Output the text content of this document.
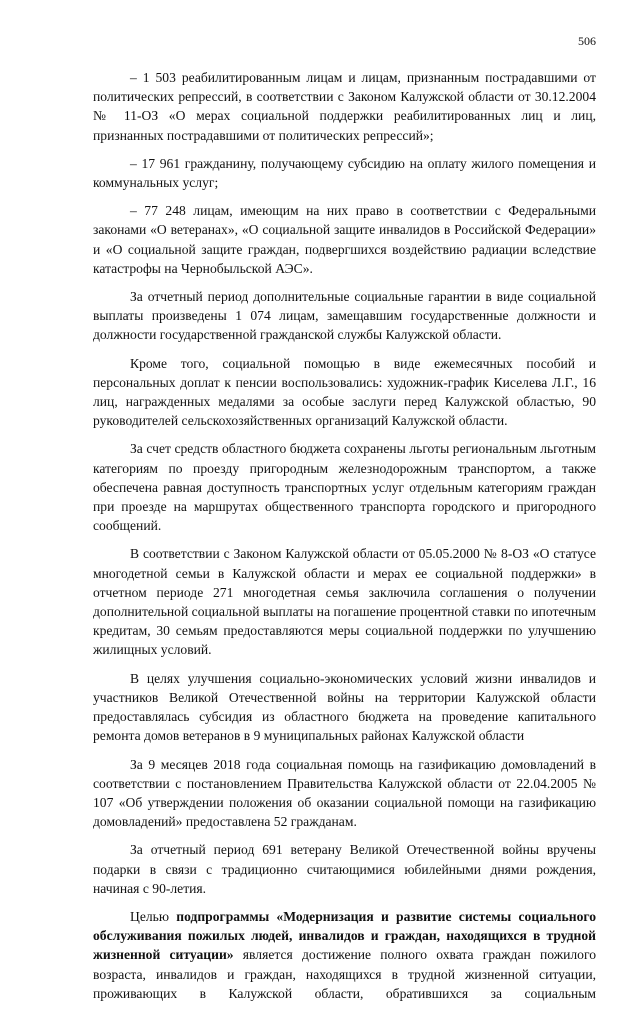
506

– 1 503 реабилитированным лицам и лицам, признанным пострадавшими от политических репрессий, в соответствии с Законом Калужской области от 30.12.2004 № 11-ОЗ «О мерах социальной поддержки реабилитированных лиц и лиц, признанных пострадавшими от политических репрессий»;

– 17 961 гражданину, получающему субсидию на оплату жилого помещения и коммунальных услуг;

– 77 248 лицам, имеющим на них право в соответствии с Федеральными законами «О ветеранах», «О социальной защите инвалидов в Российской Федерации» и «О социальной защите граждан, подвергшихся воздействию радиации вследствие катастрофы на Чернобыльской АЭС».

За отчетный период дополнительные социальные гарантии в виде социальной выплаты произведены 1 074 лицам, замещавшим государственные должности и должности государственной гражданской службы Калужской области.

Кроме того, социальной помощью в виде ежемесячных пособий и персональных доплат к пенсии воспользовались: художник-график Киселева Л.Г., 16 лиц, награжденных медалями за особые заслуги перед Калужской областью, 90 руководителей сельскохозяйственных организаций Калужской области.

За счет средств областного бюджета сохранены льготы региональным льготным категориям по проезду пригородным железнодорожным транспортом, а также обеспечена равная доступность транспортных услуг отдельным категориям граждан при проезде на маршрутах общественного транспорта городского и пригородного сообщений.

В соответствии с Законом Калужской области от 05.05.2000 № 8-ОЗ «О статусе многодетной семьи в Калужской области и мерах ее социальной поддержки» в отчетном периоде 271 многодетная семья заключила соглашения о получении дополнительной социальной выплаты на погашение процентной ставки по ипотечным кредитам, 30 семьям предоставляются меры социальной поддержки по улучшению жилищных условий.

В целях улучшения социально-экономических условий жизни инвалидов и участников Великой Отечественной войны на территории Калужской области предоставлялась субсидия из областного бюджета на проведение капитального ремонта домов ветеранов в 9 муниципальных районах Калужской области

За 9 месяцев 2018 года социальная помощь на газификацию домовладений в соответствии с постановлением Правительства Калужской области от 22.04.2005 № 107 «Об утверждении положения об оказании социальной помощи на газификацию домовладений» предоставлена 52 гражданам.

За отчетный период 691 ветерану Великой Отечественной войны вручены подарки в связи с традиционно считающимися юбилейными днями рождения, начиная с 90-летия.

Целью подпрограммы «Модернизация и развитие системы социального обслуживания пожилых людей, инвалидов и граждан, находящихся в трудной жизненной ситуации» является достижение полного охвата граждан пожилого возраста, инвалидов и граждан, находящихся в трудной жизненной ситуации, проживающих в Калужской области, обратившихся за социальным
